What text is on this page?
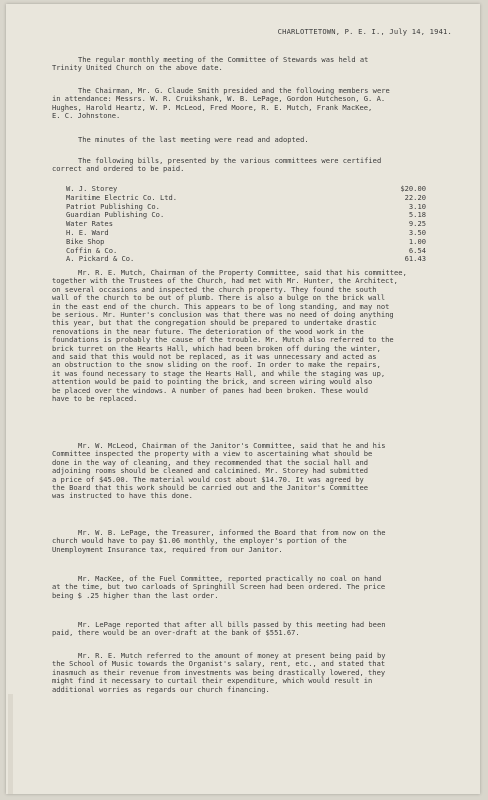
CHARLOTTETOWN, P. E. I., July 14, 1941.

The regular monthly meeting of the Committee of Stewards was held at
Trinity United Church on the above date.

The Chairman, Mr. G. Claude Smith presided and the following members were
in attendance: Messrs. W. R. Cruikshank, W. B. LePage, Gordon Hutcheson, G. A.
Hughes, Harold Heartz, W. P. McLeod, Fred Moore, R. E. Mutch, Frank MacKee,
E. C. Johnstone.

The minutes of the last meeting were read and adopted.

The following bills, presented by the various committees were certified
correct and ordered to be paid.

W. J. Storey	$20.00
Maritime Electric Co. Ltd.	22.20
Patriot Publishing Co.	3.10
Guardian Publishing Co.	5.18
Water Rates	9.25
H. E. Ward	3.50
Bike Shop	1.00
Coffin & Co.	6.54
A. Pickard & Co.	61.43

Mr. R. E. Mutch, Chairman of the Property Committee, said that his committee,
together with the Trustees of the Church, had met with Mr. Hunter, the Architect,
on several occasions and inspected the church property. They found the south
wall of the church to be out of plumb. There is also a bulge on the brick wall
in the east end of the church. This appears to be of long standing, and may not
be serious. Mr. Hunter's conclusion was that there was no need of doing anything
this year, but that the congregation should be prepared to undertake drastic
renovations in the near future. The deterioration of the wood work in the
foundations is probably the cause of the trouble. Mr. Mutch also referred to the
brick turret on the Hearts Hall, which had been broken off during the winter,
and said that this would not be replaced, as it was unnecessary and acted as
an obstruction to the snow sliding on the roof. In order to make the repairs,
it was found necessary to stage the Hearts Hall, and while the staging was up,
attention would be paid to pointing the brick, and screen wiring would also
be placed over the windows. A number of panes had been broken. These would
have to be replaced.

Mr. W. McLeod, Chairman of the Janitor's Committee, said that he and his
Committee inspected the property with a view to ascertaining what should be
done in the way of cleaning, and they recommended that the social hall and
adjoining rooms should be cleaned and calcimined. Mr. Storey had submitted
a price of $45.00. The material would cost about $14.70. It was agreed by
the Board that this work should be carried out and the Janitor's Committee
was instructed to have this done.

Mr. W. B. LePage, the Treasurer, informed the Board that from now on the
church would have to pay $1.06 monthly, the employer's portion of the
Unemployment Insurance tax, required from our Janitor.

Mr. MacKee, of the Fuel Committee, reported practically no coal on hand
at the time, but two carloads of Springhill Screen had been ordered. The price
being $ .25 higher than the last order.

Mr. LePage reported that after all bills passed by this meeting had been
paid, there would be an over-draft at the bank of $551.67.

Mr. R. E. Mutch referred to the amount of money at present being paid by
the School of Music towards the Organist's salary, rent, etc., and stated that
inasmuch as their revenue from investments was being drastically lowered, they
might find it necessary to curtail their expenditure, which would result in
additional worries as regards our church financing.
